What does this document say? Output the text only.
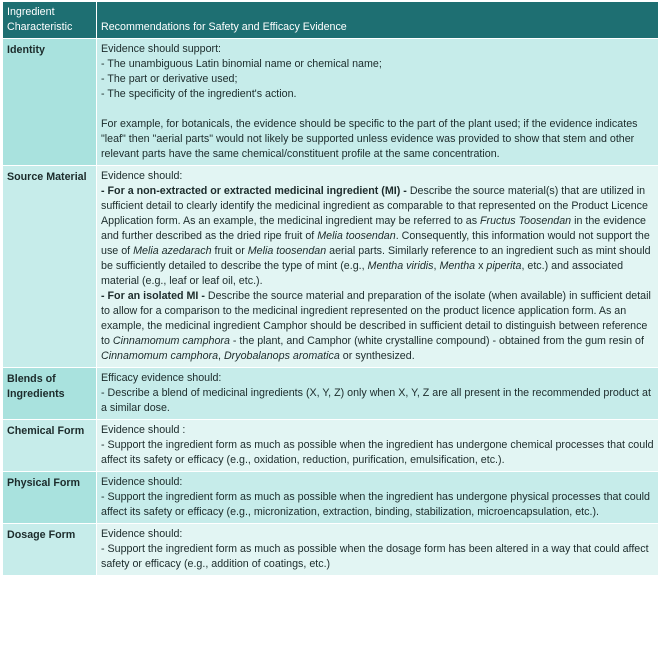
Ingredient Characteristic	Recommendations for Safety and Efficacy Evidence
Identity	Evidence should support:

- The unambiguous Latin binomial name or chemical name;

- The part or derivative used;

- The specificity of the ingredient's action.

For example, for botanicals, the evidence should be specific to the part of the plant used; if the evidence indicates "leaf" then "aerial parts" would not likely be supported unless evidence was provided to show that stem and other relevant parts have the same chemical/constituent profile at the same concentration.

Source Material	Evidence should:

- For a non-extracted or extracted medicinal ingredient (MI) - Describe the source material(s) that are utilized in sufficient detail to clearly identify the medicinal ingredient as comparable to that represented on the Product Licence Application form. As an example, the medicinal ingredient may be referred to as Fructus Toosendan in the evidence and further described as the dried ripe fruit of Melia toosendan. Consequently, this information would not support the use of Melia azedarach fruit or Melia toosendan aerial parts. Similarly reference to an ingredient such as mint should be sufficiently detailed to describe the type of mint (e.g., Mentha viridis, Mentha x piperita, etc.) and associated material (e.g., leaf or leaf oil, etc.).

- For an isolated MI - Describe the source material and preparation of the isolate (when available) in sufficient detail to allow for a comparison to the medicinal ingredient represented on the product licence application form. As an example, the medicinal ingredient Camphor should be described in sufficient detail to distinguish between reference to Cinnamomum camphora - the plant, and Camphor (white crystalline compound) - obtained from the gum resin of Cinnamomum camphora, Dryobalanops aromatica or synthesized.

Blends of Ingredients	Efficacy evidence should:

- Describe a blend of medicinal ingredients (X, Y, Z) only when X, Y, Z are all present in the recommended product at a similar dose.

Chemical Form	Evidence should :

- Support the ingredient form as much as possible when the ingredient has undergone chemical processes that could affect its safety or efficacy (e.g., oxidation, reduction, purification, emulsification, etc.).

Physical Form	Evidence should:

- Support the ingredient form as much as possible when the ingredient has undergone physical processes that could affect its safety or efficacy (e.g., micronization, extraction, binding, stabilization, microencapsulation, etc.).

Dosage Form	Evidence should:

- Support the ingredient form as much as possible when the dosage form has been altered in a way that could affect safety or efficacy (e.g., addition of coatings, etc.)
